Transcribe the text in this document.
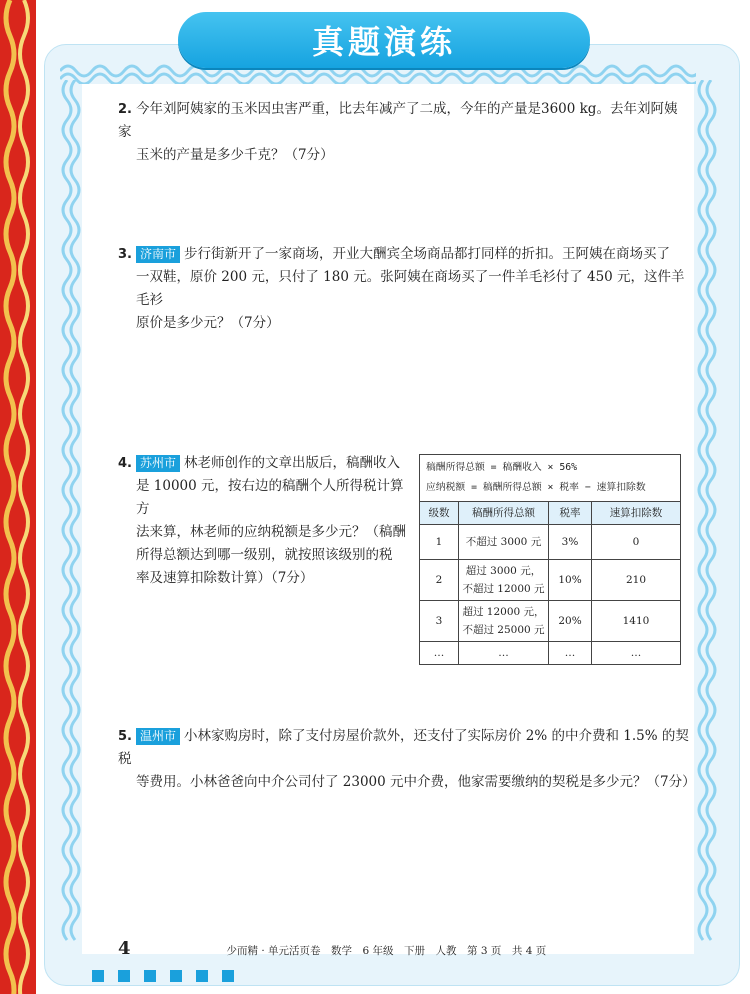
真题演练
2. 今年刘阿姨家的玉米因虫害严重，比去年减产了二成，今年的产量是3600 kg。去年刘阿姨家
玉米的产量是多少千克？（7分）
3. 济南市 步行街新开了一家商场，开业大酬宾全场商品都打同样的折扣。王阿姨在商场买了
一双鞋，原价 200 元，只付了 180 元。张阿姨在商场买了一件羊毛衫付了 450 元，这件羊毛衫
原价是多少元？（7分）
4. 苏州市 林老师创作的文章出版后，稿酬收入
是 10000 元，按右边的稿酬个人所得税计算方
法来算，林老师的应纳税额是多少元？（稿酬
所得总额达到哪一级别，就按照该级别的税
率及速算扣除数计算）（7分）
稿酬所得总额 = 稿酬收入 × 56%
应纳税额 = 稿酬所得总额 × 税率 − 速算扣除数
级数	稿酬所得总额	税率	速算扣除数
1	不超过 3000 元	3%	0
2	超过 3000 元，
不超过 12000 元	10%	210
3	超过 12000 元，
不超过 25000 元	20%	1410
…	…	…	…
5. 温州市 小林家购房时，除了支付房屋价款外，还支付了实际房价 2% 的中介费和 1.5% 的契税
等费用。小林爸爸向中介公司付了 23000 元中介费，他家需要缴纳的契税是多少元？（7分）
4	少而精 · 单元活页卷　数学　6 年级　下册　人教　第 3 页　共 4 页
